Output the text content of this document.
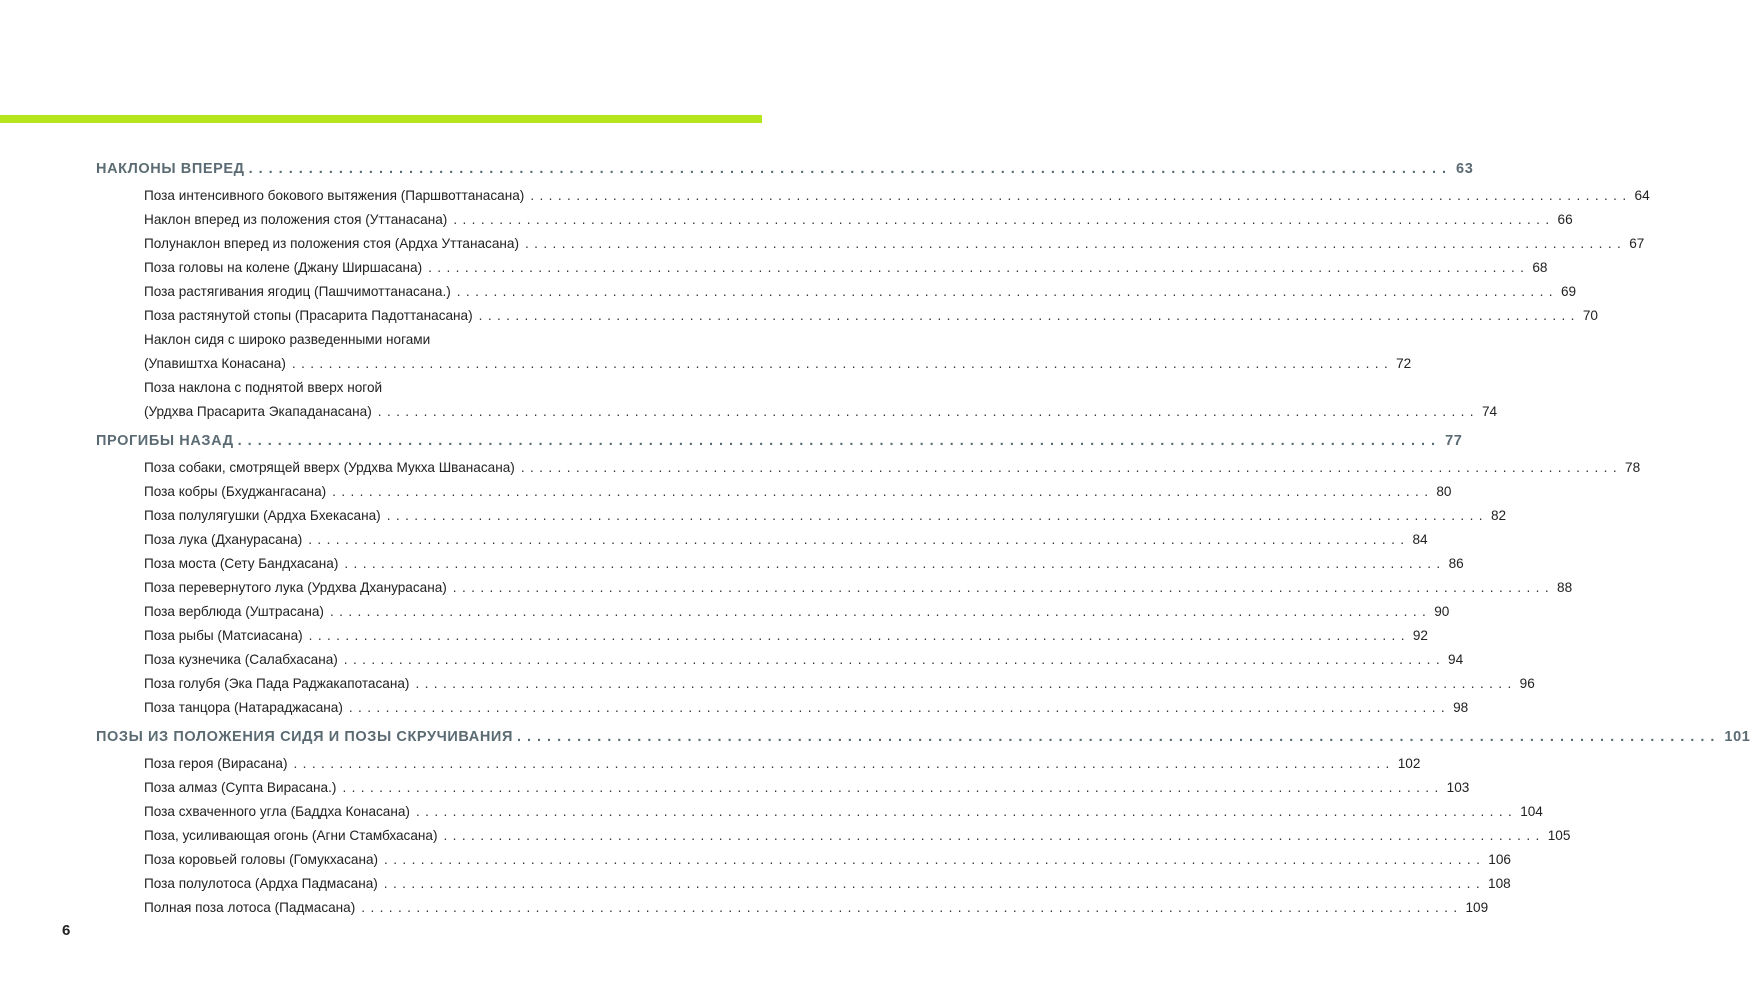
НАКЛОНЫ ВПЕРЕД ........................................................................................................................ 63
Поза интенсивного бокового вытяжения (Паршвоттанасана) ........................................................................................................................ 64
Наклон вперед из положения стоя (Уттанасана) ........................................................................................................................ 66
Полунаклон вперед из положения стоя (Ардха Уттанасана) ........................................................................................................................ 67
Поза головы на колене (Джану Ширшасана) ........................................................................................................................ 68
Поза растягивания ягодиц (Пашчимоттанасана.) ........................................................................................................................ 69
Поза растянутой стопы (Прасарита Падоттанасана) ........................................................................................................................ 70
Наклон сидя с широко разведенными ногами
(Упавиштха Конасана) ........................................................................................................................ 72
Поза наклона с поднятой вверх ногой
(Урдхва Прасарита Экападанасана) ........................................................................................................................ 74
ПРОГИБЫ НАЗАД ........................................................................................................................ 77
Поза собаки, смотрящей вверх (Урдхва Мукха Шванасана) ........................................................................................................................ 78
Поза кобры (Бхуджангасана) ........................................................................................................................ 80
Поза полулягушки (Ардха Бхекасана) ........................................................................................................................ 82
Поза лука (Дханурасана) ........................................................................................................................ 84
Поза моста (Сету Бандхасана) ........................................................................................................................ 86
Поза перевернутого лука (Урдхва Дханурасана) ........................................................................................................................ 88
Поза верблюда (Уштрасана) ........................................................................................................................ 90
Поза рыбы (Матсиасана) ........................................................................................................................ 92
Поза кузнечика (Салабхасана) ........................................................................................................................ 94
Поза голубя (Эка Пада Раджакапотасана) ........................................................................................................................ 96
Поза танцора (Натараджасана) ........................................................................................................................ 98
ПОЗЫ ИЗ ПОЛОЖЕНИЯ СИДЯ И ПОЗЫ СКРУЧИВАНИЯ ........................................................................................................................ 101
Поза героя (Вирасана) ........................................................................................................................ 102
Поза алмаз (Супта Вирасана.) ........................................................................................................................ 103
Поза схваченного угла (Баддха Конасана) ........................................................................................................................ 104
Поза, усиливающая огонь (Агни Стамбхасана) ........................................................................................................................ 105
Поза коровьей головы (Гомукхасана) ........................................................................................................................ 106
Поза полулотоса (Ардха Падмасана) ........................................................................................................................ 108
Полная поза лотоса (Падмасана) ........................................................................................................................ 109
6
